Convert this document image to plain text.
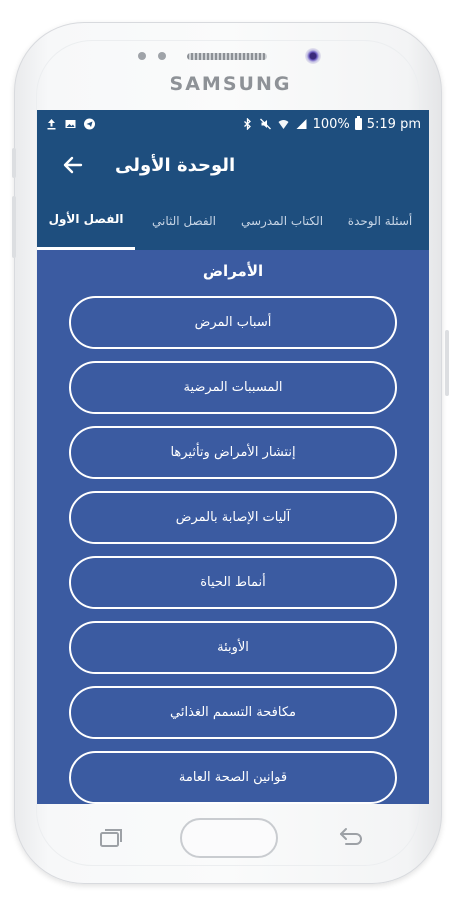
SAMSUNG
100% 5:19 pm
الوحدة الأولى
الفصل الأول	الفصل الثاني	الكتاب المدرسي	أسئلة الوحدة
الأمراض
أسباب المرض
المسببات المرضية
إنتشار الأمراض وتأثيرها
آليات الإصابة بالمرض
أنماط الحياة
الأوبئة
مكافحة التسمم الغذائي
قوانين الصحة العامة
